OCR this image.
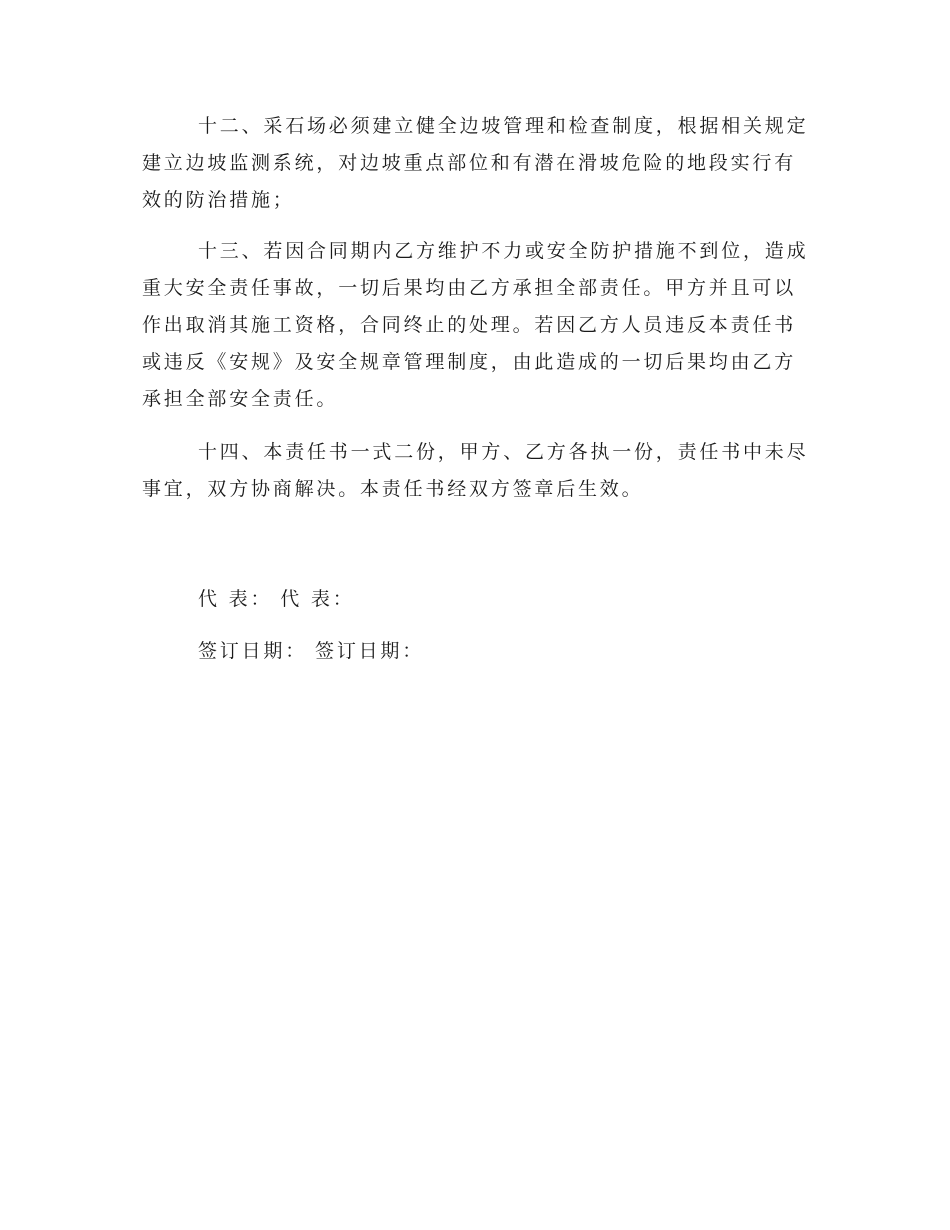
十二、采石场必须建立健全边坡管理和检查制度，根据相关规定
建立边坡监测系统，对边坡重点部位和有潜在滑坡危险的地段实行有
效的防治措施；

十三、若因合同期内乙方维护不力或安全防护措施不到位，造成
重大安全责任事故，一切后果均由乙方承担全部责任。甲方并且可以
作出取消其施工资格，合同终止的处理。若因乙方人员违反本责任书
或违反《安规》及安全规章管理制度，由此造成的一切后果均由乙方
承担全部安全责任。

十四、本责任书一式二份，甲方、乙方各执一份，责任书中未尽
事宜，双方协商解决。本责任书经双方签章后生效。

代 表： 代 表：

签订日期： 签订日期：
